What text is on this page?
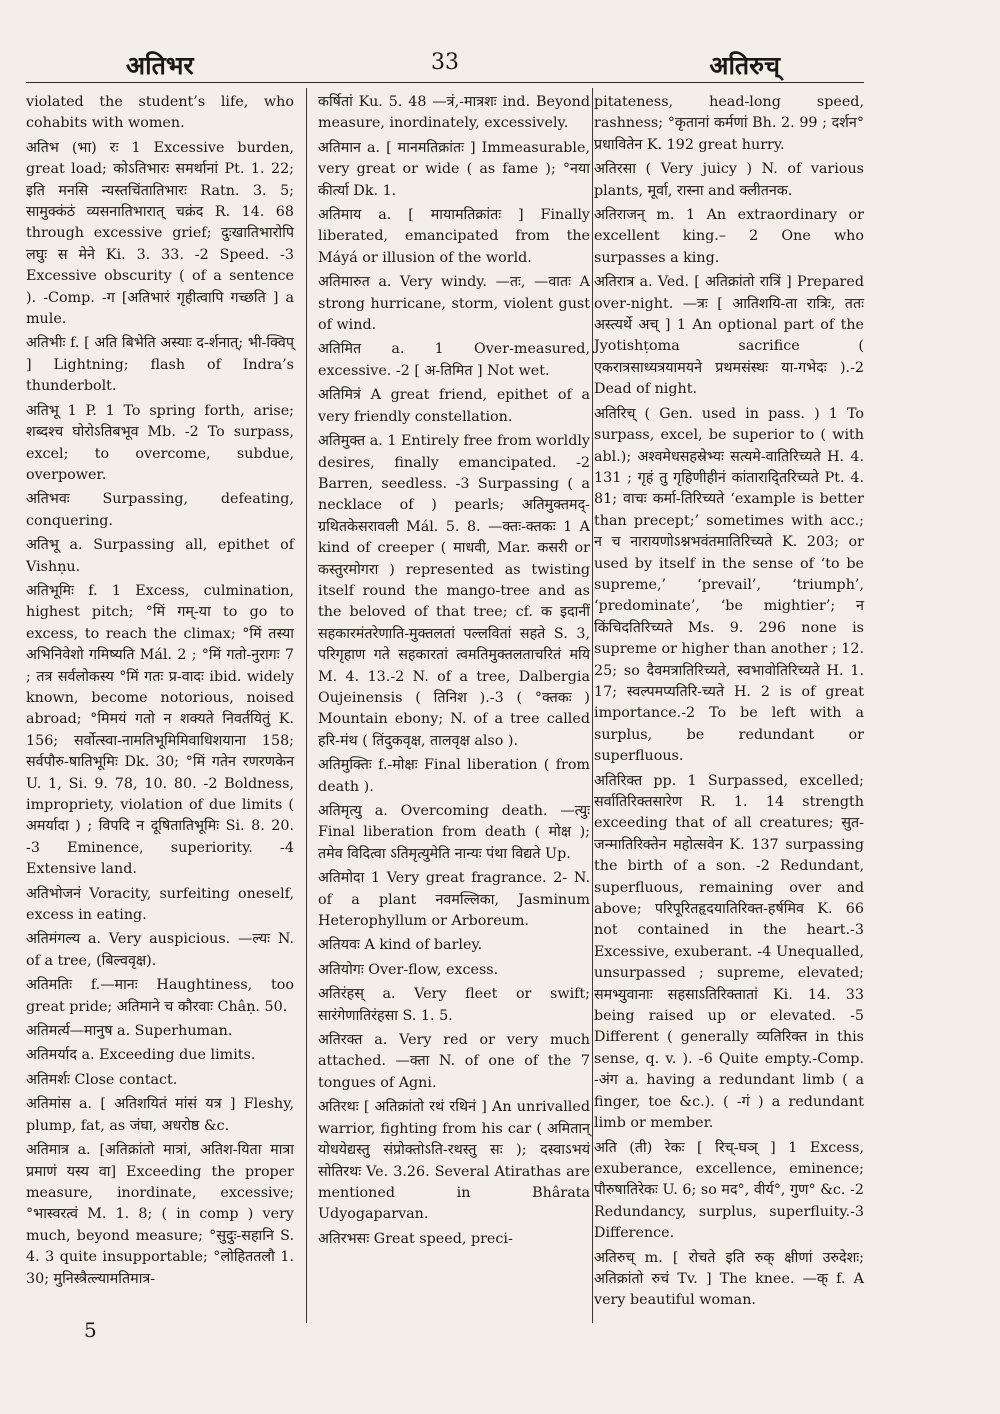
अतिभर	33	अतिरुच्

violated the student’s life, who cohabits with women.

अतिभ (भा) रः 1 Excessive burden, great load; कोऽतिभारः समर्थानां Pt. 1. 22; इति मनसि न्यस्तचिंतातिभारः Ratn. 3. 5; सामुक्कंठं व्यसनातिभारात् चक्रंद R. 14. 68 through excessive grief; दुःखातिभारोपि लघुः स मेने Ki. 3. 33. -2 Speed. -3 Excessive obscurity ( of a sentence ). -Comp. -ग [अतिभारं गृहीत्वापि गच्छति ] a mule.

अतिभीः f. [ अति बिभेति अस्याः द-र्शनात्; भी-क्विप् ] Lightning; flash of Indra’s thunderbolt.

अतिभू 1 P. 1 To spring forth, arise; शब्दश्च घोरोऽतिबभूव Mb. -2 To surpass, excel; to overcome, subdue, overpower.

अतिभवः Surpassing, defeating, conquering.

अतिभू a. Surpassing all, epithet of Vishṇu.

अतिभूमिः f. 1 Excess, culmination, highest pitch; °मिं गम्-या to go to excess, to reach the climax; °मिं तस्या अभिनिवेशो गमिष्यति Mál. 2 ; °मिं गतो-नुरागः 7 ; तत्र सर्वलोकस्य °मिं गतः प्र-वादः ibid. widely known, become notorious, noised abroad; °मिमयं गतो न शक्यते निवर्तयितुं K. 156; सर्वोत्स्वा-नामतिभूमिमिवाधिशयाना 158; सर्वपौरु-षातिभूमिः Dk. 30; °मिं गतेन रणरणकेन U. 1, Si. 9. 78, 10. 80. -2 Boldness, impropriety, violation of due limits ( अमर्यादा ) ; विपदि न दूषितातिभूमिः Si. 8. 20. -3 Eminence, superiority. -4 Extensive land.

अतिभोजनं Voracity, surfeiting oneself, excess in eating.

अतिमंगल्य a. Very auspicious. —ल्यः N. of a tree, (बिल्ववृक्ष).

अतिमतिः f.—मानः Haughtiness, too great pride; अतिमाने च कौरवाः Châṇ. 50.

अतिमर्त्य—मानुष a. Superhuman.

अतिमर्याद a. Exceeding due limits.

अतिमर्शः Close contact.

अतिमांस a. [ अतिशयितं मांसं यत्र ] Fleshy, plump, fat, as जंघा, अधरोष्ठ &c.

अतिमात्र a. [अतिक्रांतो मात्रां, अतिश-यिता मात्रा प्रमाणं यस्य वा] Exceeding the proper measure, inordinate, excessive; °भास्वरत्वं M. 1. 8; ( in comp ) very much, beyond measure; °सुदुः-सहानि S. 4. 3 quite insupportable; °लोहिततलौ 1. 30; मुनिस्त्रैत्ल्यामतिमात्र-

कर्षितां Ku. 5. 48 —त्रं,-मात्रशः ind. Beyond measure, inordinately, excessively.

अतिमान a. [ मानमतिक्रांतः ] Immeasurable, very great or wide ( as fame ); °नया कीर्त्या Dk. 1.

अतिमाय a. [ मायामतिक्रांतः ] Finally liberated, emancipated from the Máyá or illusion of the world.

अतिमारुत a. Very windy. —तः, —वातः A strong hurricane, storm, violent gust of wind.

अतिमित a. 1 Over-measured, excessive. -2 [ अ-तिमित ] Not wet.

अतिमित्रं A great friend, epithet of a very friendly constellation.

अतिमुक्त a. 1 Entirely free from worldly desires, finally emancipated. -2 Barren, seedless. -3 Surpassing ( a necklace of ) pearls; अतिमुक्तमद्-ग्रथितकेसरावली Mál. 5. 8. —क्तः-क्तकः 1 A kind of creeper ( माधवी, Mar. कसरी or कस्तुरमोगरा ) represented as twisting itself round the mango-tree and as the beloved of that tree; cf. क इदानीं सहकारमंतरेणाति-मुक्तलतां पल्लवितां सहते S. 3, परिगृहाण गते सहकारतां त्वमतिमुक्तलताचरितं मयि M. 4. 13.-2 N. of a tree, Dalbergia Oujeinensis ( तिनिश ).-3 ( °क्तकः ) Mountain ebony; N. of a tree called हरि-मंथ ( तिंदुकवृक्ष, तालवृक्ष also ).

अतिमुक्तिः f.-मोक्षः Final liberation ( from death ).

अतिमृत्यु a. Overcoming death. —त्युः Final liberation from death ( मोक्ष ); तमेव विदित्वा ऽतिमृत्युमेति नान्यः पंथा विद्यते Up.

अतिमोदा 1 Very great fragrance. 2- N. of a plant नवमल्लिका, Jasminum Heterophyllum or Arboreum.

अतियवः A kind of barley.

अतियोगः Over-flow, excess.

अतिरंहस् a. Very fleet or swift; सारंगेणातिरंहसा S. 1. 5.

अतिरक्त a. Very red or very much attached. —क्ता N. of one of the 7 tongues of Agni.

अतिरथः [ अतिक्रांतो रथं रथिनं ] An unrivalled warrior, fighting from his car ( अमितान् योधयेद्यस्तु संप्रोक्तोऽति-रथस्तु सः ); दस्वाऽभयं सोतिरथः Ve. 3.26. Several Atirathas are mentioned in Bhârata Udyogaparvan.

अतिरभसः Great speed, preci-

pitateness, head-long speed, rashness; °कृतानां कर्मणां Bh. 2. 99 ; दर्शन° प्रधावितेन K. 192 great hurry.

अतिरसा ( Very juicy ) N. of various plants, मूर्वा, रास्ना and क्लीतनक.

अतिराजन् m. 1 An extraordinary or excellent king.– 2 One who surpasses a king.

अतिरात्र a. Ved. [ अतिक्रांतो रात्रिं ] Prepared over-night. —त्रः [ आतिशयि-ता रात्रिः, ततः अस्त्यर्थे अच् ] 1 An optional part of the Jyotishṭoma sacrifice ( एकरात्रसाध्यत्रयामयने प्रथमसंस्थः या-गभेदः ).-2 Dead of night.

अतिरिच् ( Gen. used in pass. ) 1 To surpass, excel, be superior to ( with abl.); अश्वमेधसहस्रेभ्यः सत्यमे-वातिरिच्यते H. 4. 131 ; गृहं तु गृहिणीहीनं कांताराद्‍तिरिच्यते Pt. 4. 81; वाचः कर्मा-तिरिच्यते ‘example is better than precept;’ sometimes with acc.; न च नारायणोऽश्नभवंतमातिरिच्यते K. 203; or used by itself in the sense of ‘to be supreme,’ ‘prevail’, ‘triumph’, ‘predominate’, ‘be mightier’; न किंचिदतिरिच्यते Ms. 9. 296 none is supreme or higher than another ; 12. 25; so दैवमत्रातिरिच्यते, स्वभावोतिरिच्यते H. 1. 17; स्वल्पमप्यतिरि-च्यते H. 2 is of great importance.-2 To be left with a surplus, be redundant or superfluous.

अतिरिक्त pp. 1 Surpassed, excelled; सर्वातिरिक्तसारेण R. 1. 14 strength exceeding that of all creatures; सुत-जन्मातिरिक्तेन महोत्सवेन K. 137 surpassing the birth of a son. -2 Redundant, superfluous, remaining over and above; परिपूरितहृदयातिरिक्त-हर्षमिव K. 66 not contained in the heart.-3 Excessive, exuberant. -4 Unequalled, unsurpassed ; supreme, elevated; समभ्युवानाः सहसाऽतिरिक्तातां Ki. 14. 33 being raised up or elevated. -5 Different ( generally व्यतिरिक्त in this sense, q. v. ). -6 Quite empty.-Comp. -अंग a. having a redundant limb ( a finger, toe &c.). ( -गं ) a redundant limb or member.

अति (ती) रेकः [ रिच्-घञ् ] 1 Excess, exuberance, excellence, eminence; पौरुषातिरेकः U. 6; so मद°, वीर्य°, गुण° &c. -2 Redundancy, surplus, superfluity.-3 Difference.

अतिरुच् m. [ रोचते इति रुक् क्षीणां उरुदेशः; अतिक्रांतो रुचं Tv. ] The knee. —क् f. A very beautiful woman.

5
